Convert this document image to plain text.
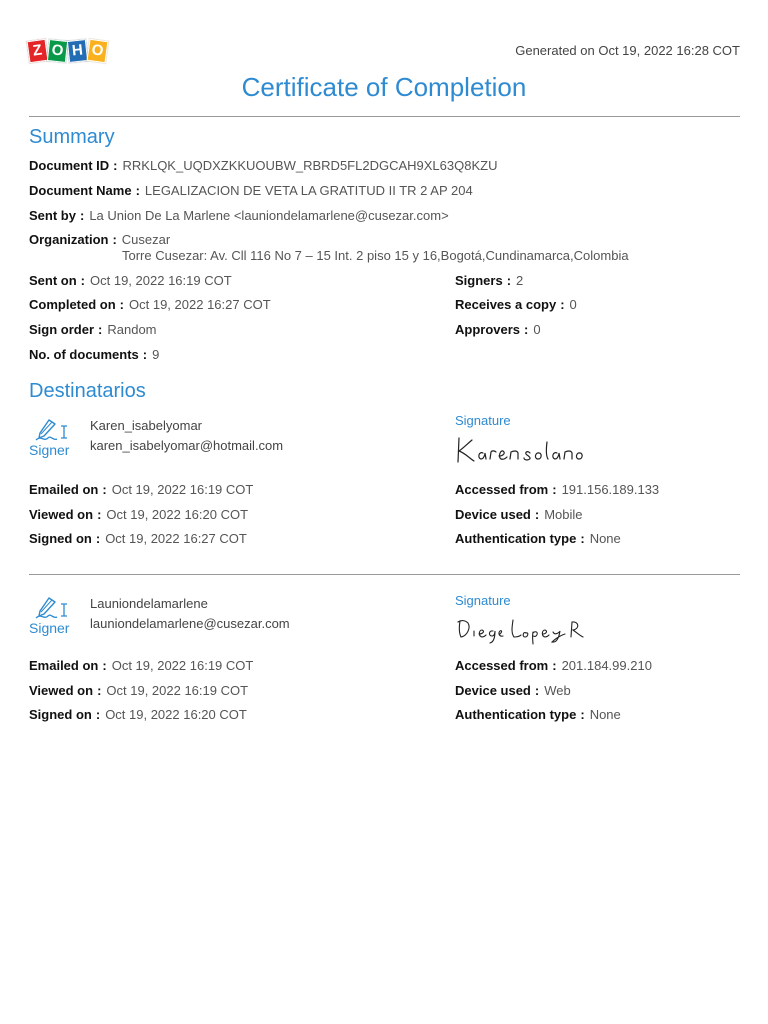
Z O H O	Generated on Oct 19, 2022 16:28 COT
Certificate of Completion
Summary
Document ID : RRKLQK_UQDXZKKUOUBW_RBRD5FL2DGCAH9XL63Q8KZU
Document Name : LEGALIZACION DE VETA LA GRATITUD II TR 2 AP 204
Sent by : La Union De La Marlene <launiondelamarlene@cusezar.com>
Organization : Cusezar
Torre Cusezar: Av. Cll 116 No 7 – 15 Int. 2 piso 15 y 16,Bogotá,Cundinamarca,Colombia
Sent on : Oct 19, 2022 16:19 COT
Completed on : Oct 19, 2022 16:27 COT
Sign order : Random
No. of documents : 9
Signers : 2
Receives a copy : 0
Approvers : 0
Destinatarios
Signer
Karen_isabelyomar
karen_isabelyomar@hotmail.com
Signature
Emailed on : Oct 19, 2022 16:19 COT
Viewed on : Oct 19, 2022 16:20 COT
Signed on : Oct 19, 2022 16:27 COT
Accessed from : 191.156.189.133
Device used : Mobile
Authentication type : None
Signer
Launiondelamarlene
launiondelamarlene@cusezar.com
Signature
Emailed on : Oct 19, 2022 16:19 COT
Viewed on : Oct 19, 2022 16:19 COT
Signed on : Oct 19, 2022 16:20 COT
Accessed from : 201.184.99.210
Device used : Web
Authentication type : None
